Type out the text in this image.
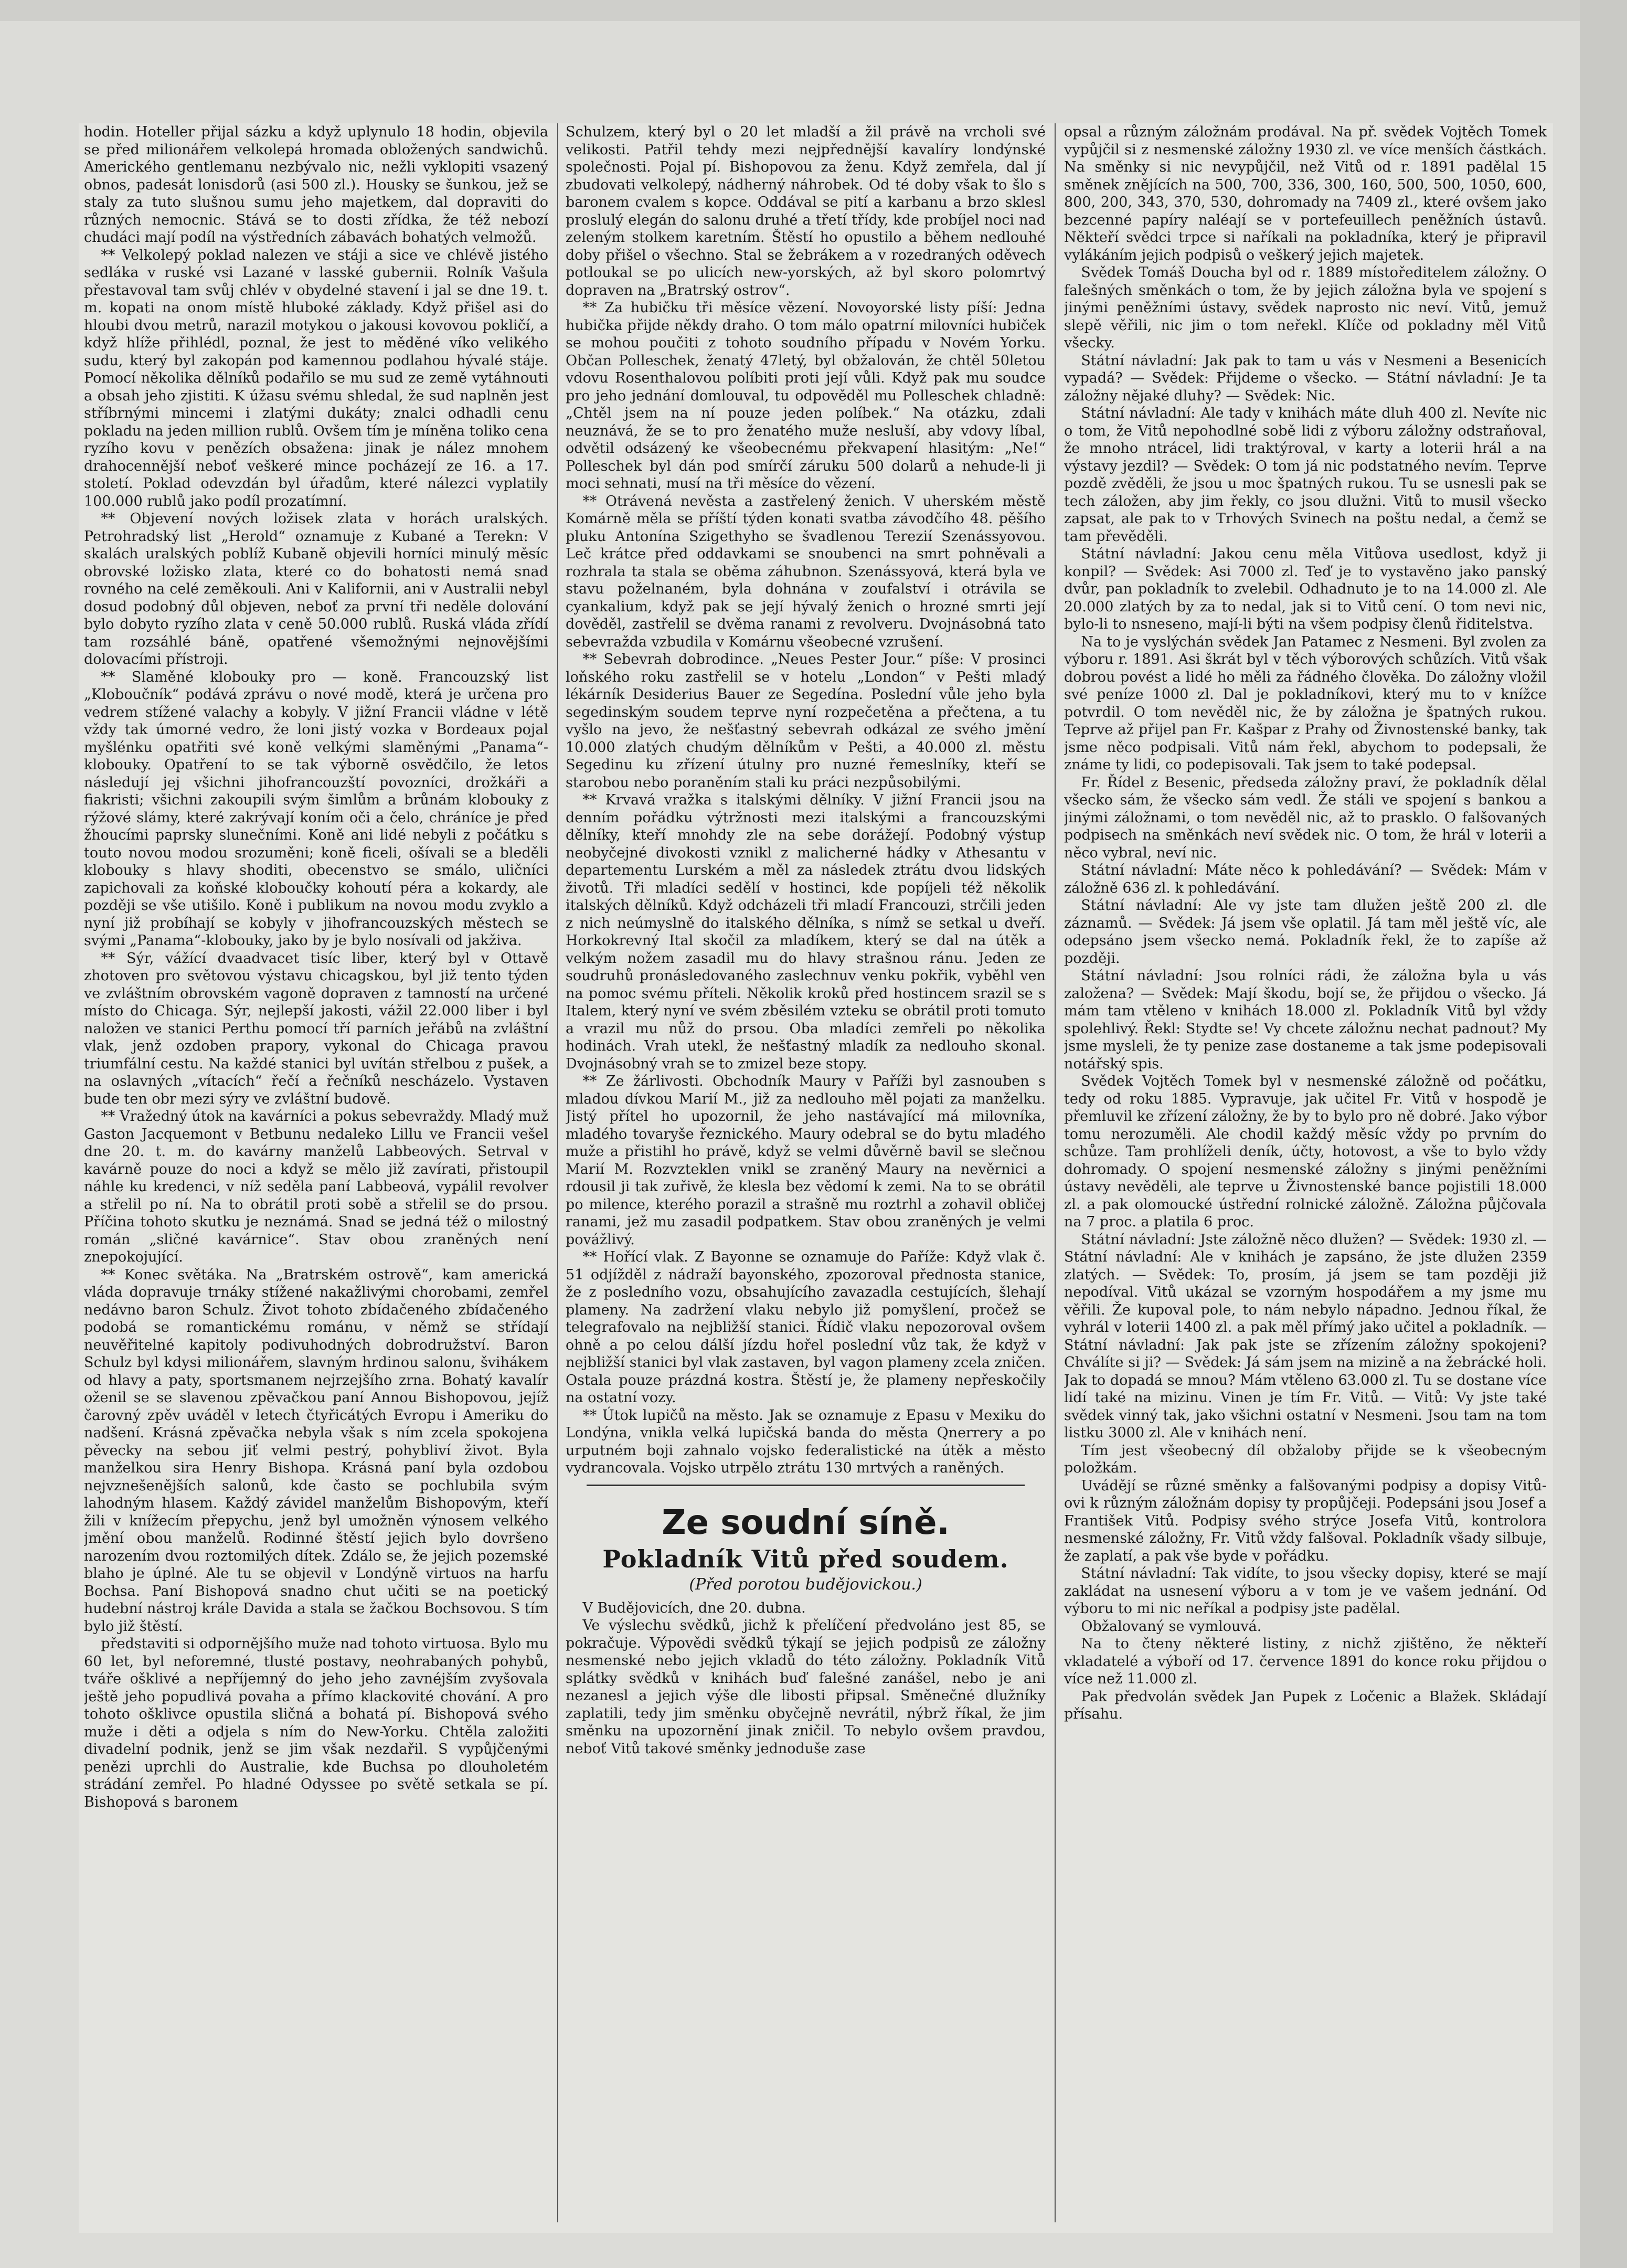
hodin. Hoteller přijal sázku a když uplynulo 18 hodin, objevila se před milionářem velkolepá hromada obložených sandwichů. Amerického gentlemanu nezbývalo nic, nežli vyklopiti vsazený obnos, padesát lonisdorů (asi 500 zl.). Housky se šunkou, jež se staly za tuto slušnou sumu jeho majetkem, dal dopraviti do různých nemocnic. Stává se to dosti zřídka, že též nebozí chudáci mají podíl na výstředních zábavách bohatých velmožů.

** Velkolepý poklad nalezen ve stáji a sice ve chlévě jistého sedláka v ruské vsi Lazané v lasské gubernii. Rolník Vašula přestavoval tam svůj chlév v obydelné stavení i jal se dne 19. t. m. kopati na onom místě hluboké základy. Když přišel asi do hloubi dvou metrů, narazil motykou o jakousi kovovou pokličí, a když hlíže přihlédl, poznal, že jest to měděné víko velikého sudu, který byl zakopán pod kamennou podlahou hývalé stáje. Pomocí několika dělníků podařilo se mu sud ze země vytáhnouti a obsah jeho zjistiti. K úžasu svému shledal, že sud naplněn jest stříbrnými mincemi i zlatými dukáty; znalci odhadli cenu pokladu na jeden million rublů. Ovšem tím je míněna toliko cena ryzího kovu v penězích obsažena: jinak je nález mnohem drahocennější neboť veškeré mince pocházejí ze 16. a 17. století. Poklad odevzdán byl úřadům, které nálezci vyplatily 100.000 rublů jako podíl prozatímní.

** Objevení nových ložisek zlata v horách uralských. Petrohradský list „Herold“ oznamuje z Kubané a Terekn: V skalách uralských poblíž Kubaně objevili horníci minulý měsíc obrovské ložisko zlata, které co do bohatosti nemá snad rovného na celé zeměkouli. Ani v Kalifornii, ani v Australii nebyl dosud podobný důl objeven, neboť za první tři neděle dolování bylo dobyto ryzího zlata v ceně 50.000 rublů. Ruská vláda zřídí tam rozsáhlé báně, opatřené všemožnými nejnovějšími dolovacími přístroji.

** Slaměné klobouky pro — koně. Francouzský list „Kloboučník“ podává zprávu o nové modě, která je určena pro vedrem stížené valachy a kobyly. V jižní Francii vládne v létě vždy tak úmorné vedro, že loni jistý vozka v Bordeaux pojal myšlénku opatřiti své koně velkými slaměnými „Panama“-klobouky. Opatření to se tak výborně osvědčilo, že letos následují jej všichni jihofrancouzští povozníci, drožkáři a fiakristi; všichni zakoupili svým šimlům a brůnám klobouky z rýžové slámy, které zakrývají koním oči a čelo, chráníce je před žhoucími paprsky slunečními. Koně ani lidé nebyli z počátku s touto novou modou srozuměni; koně ficeli, ošívali se a bleděli klobouky s hlavy shoditi, obecenstvo se smálo, uličníci zapichovali za koňské kloboučky kohoutí péra a kokardy, ale později se vše utišilo. Koně i publikum na novou modu zvyklo a nyní již probíhají se kobyly v jihofrancouzských městech se svými „Panama“-klobouky, jako by je bylo nosívali od jakživa.

** Sýr, vážící dvaadvacet tisíc liber, který byl v Ottavě zhotoven pro světovou výstavu chicagskou, byl již tento týden ve zvláštním obrovském vagoně dopraven z tamností na určené místo do Chicaga. Sýr, nejlepší jakosti, vážil 22.000 liber i byl naložen ve stanici Perthu pomocí tří parních jeřábů na zvláštní vlak, jenž ozdoben prapory, vykonal do Chicaga pravou triumfální cestu. Na každé stanici byl uvítán střelbou z pušek, a na oslavných „vítacích“ řečí a řečníků nescházelo. Vystaven bude ten obr mezi sýry ve zvláštní budově.

** Vražedný útok na kavárníci a pokus sebevraždy. Mladý muž Gaston Jacquemont v Betbunu nedaleko Lillu ve Francii vešel dne 20. t. m. do kavárny manželů Labbeových. Setrval v kavárně pouze do noci a když se mělo již zavírati, přistoupil náhle ku kredenci, v níž seděla paní Labbeová, vypálil revolver a střelil po ní. Na to obrátil proti sobě a střelil se do prsou. Příčina tohoto skutku je neznámá. Snad se jedná též o milostný román „sličné kavárnice“. Stav obou zraněných není znepokojující.

** Konec světáka. Na „Bratrském ostrově“, kam americká vláda dopravuje trnáky stížené nakažlivými chorobami, zemřel nedávno baron Schulz. Život tohoto zbídačeného zbídačeného podobá se romantickému románu, v němž se střídají neuvěřitelné kapitoly podivuhodných dobrodružství. Baron Schulz byl kdysi milionářem, slavným hrdinou salonu, švihákem od hlavy a paty, sportsmanem nejrzejšího zrna. Bohatý kavalír oženil se se slavenou zpěvačkou paní Annou Bishopovou, jejíž čarovný zpěv uváděl v letech čtyřicátých Evropu i Ameriku do nadšení. Krásná zpěvačka nebyla však s ním zcela spokojena pěvecky na sebou jiť velmi pestrý, pohybliví život. Byla manželkou sira Henry Bishopa. Krásná paní byla ozdobou nejvznešenějších salonů, kde často se pochlubila svým lahodným hlasem. Každý závidel manželům Bishopovým, kteří žili v knížecím přepychu, jenž byl umožněn výnosem velkého jmění obou manželů. Rodinné štěstí jejich bylo dovršeno narozením dvou roztomilých dítek. Zdálo se, že jejich pozemské blaho je úplné. Ale tu se objevil v Londýně virtuos na harfu Bochsa. Paní Bishopová snadno chut učiti se na poetický hudební nástroj krále Davida a stala se žačkou Bochsovou. S tím bylo již štěstí.

představiti si odpornějšího muže nad tohoto virtuosa. Bylo mu 60 let, byl neforemné, tlusté postavy, neohrabaných pohybů, tváře ošklivé a nepříjemný do jeho jeho zavnéjším zvyšovala ještě jeho popudlivá povaha a přímo klackovité chování. A pro tohoto ošklivce opustila sličná a bohatá pí. Bishopová svého muže i děti a odjela s ním do New-Yorku. Chtěla založiti divadelní podnik, jenž se jim však nezdařil. S vypůjčenými penězi uprchli do Australie, kde Buchsa po dlouholetém strádání zemřel. Po hladné Odyssee po světě setkala se pí. Bishopová s baronem

Schulzem, který byl o 20 let mladší a žil právě na vrcholi své velikosti. Patřil tehdy mezi nejpřednější kavalíry londýnské společnosti. Pojal pí. Bishopovou za ženu. Když zemřela, dal jí zbudovati velkolepý, nádherný náhrobek. Od té doby však to šlo s baronem cvalem s kopce. Oddával se pití a karbanu a brzo sklesl proslulý elegán do salonu druhé a třetí třídy, kde probíjel noci nad zeleným stolkem karetním. Štěstí ho opustilo a během nedlouhé doby přišel o všechno. Stal se žebrákem a v rozedraných oděvech potloukal se po ulicích new-yorských, až byl skoro polomrtvý dopraven na „Bratrský ostrov“.

** Za hubičku tři měsíce vězení. Novoyorské listy píší: Jedna hubička přijde někdy draho. O tom málo opatrní milovníci hubiček se mohou poučiti z tohoto soudního případu v Novém Yorku. Občan Polleschek, ženatý 47letý, byl obžalován, že chtěl 50letou vdovu Rosenthalovou políbiti proti její vůli. Když pak mu soudce pro jeho jednání domlouval, tu odpověděl mu Polleschek chladně: „Chtěl jsem na ní pouze jeden políbek.“ Na otázku, zdali neuznává, že se to pro ženatého muže nesluší, aby vdovy líbal, odvětil odsázený ke všeobecnému překvapení hlasitým: „Ne!“ Polleschek byl dán pod smírčí záruku 500 dolarů a nehude-li ji moci sehnati, musí na tři měsíce do vězení.

** Otrávená nevěsta a zastřelený ženich. V uherském městě Komárně měla se příští týden konati svatba závodčího 48. pěšího pluku Antonína Szigethyho se švadlenou Terezií Szenássyovou. Leč krátce před oddavkami se snoubenci na smrt pohněvali a rozhrala ta stala se oběma záhubnon. Szenássyová, která byla ve stavu poželnaném, byla dohnána v zoufalství i otrávila se cyankalium, když pak se její hývalý ženich o hrozné smrti její dověděl, zastřelil se dvěma ranami z revolveru. Dvojnásobná tato sebevražda vzbudila v Komárnu všeobecné vzrušení.

** Sebevrah dobrodince. „Neues Pester Jour.“ píše: V prosinci loňského roku zastřelil se v hotelu „London“ v Pešti mladý lékárník Desiderius Bauer ze Segedína. Poslední vůle jeho byla segedinským soudem teprve nyní rozpečetěna a přečtena, a tu vyšlo na jevo, že nešťastný sebevrah odkázal ze svého jmění 10.000 zlatých chudým dělníkům v Pešti, a 40.000 zl. městu Segedinu ku zřízení útulny pro nuzné řemeslníky, kteří se starobou nebo poraněním stali ku práci nezpůsobilými.

** Krvavá vražka s italskými dělníky. V jižní Francii jsou na denním pořádku výtržnosti mezi italskými a francouzskými dělníky, kteří mnohdy zle na sebe dorážejí. Podobný výstup neobyčejné divokosti vznikl z malicherné hádky v Athesantu v departementu Lurském a měl za následek ztrátu dvou lidských životů. Tři mladíci sedělí v hostinci, kde popíjeli též několik italských dělníků. Když odcházeli tři mladí Francouzi, strčili jeden z nich neúmyslně do italského dělníka, s nímž se setkal u dveří. Horkokrevný Ital skočil za mladíkem, který se dal na útěk a velkým nožem zasadil mu do hlavy strašnou ránu. Jeden ze soudruhů pronásledovaného zaslechnuv venku pokřik, vyběhl ven na pomoc svému příteli. Několik kroků před hostincem srazil se s Italem, který nyní ve svém zběsilém vzteku se obrátil proti tomuto a vrazil mu nůž do prsou. Oba mladíci zemřeli po několika hodinách. Vrah utekl, že nešťastný mladík za nedlouho skonal. Dvojnásobný vrah se to zmizel beze stopy.

** Ze žárlivosti. Obchodník Maury v Paříži byl zasnouben s mladou dívkou Marií M., již za nedlouho měl pojati za manželku. Jistý přítel ho upozornil, že jeho nastávající má milovníka, mladého tovaryše řeznického. Maury odebral se do bytu mladého muže a přistihl ho právě, když se velmi důvěrně bavil se slečnou Marií M. Rozvzteklen vnikl se zraněný Maury na nevěrnici a rdousil ji tak zuřivě, že klesla bez vědomí k zemi. Na to se obrátil po milence, kterého porazil a strašně mu roztrhl a zohavil obličej ranami, jež mu zasadil podpatkem. Stav obou zraněných je velmi povážlivý.

** Hořící vlak. Z Bayonne se oznamuje do Paříže: Když vlak č. 51 odjížděl z nádraží bayonského, zpozoroval přednosta stanice, že z posledního vozu, obsahujícího zavazadla cestujících, šlehají plameny. Na zadržení vlaku nebylo již pomyšlení, pročež se telegrafovalo na nejbližší stanici. Řídič vlaku nepozoroval ovšem ohně a po celou dálší jízdu hořel poslední vůz tak, že když v nejbližší stanici byl vlak zastaven, byl vagon plameny zcela zničen. Ostala pouze prázdná kostra. Štěstí je, že plameny nepřeskočily na ostatní vozy.

** Útok lupičů na město. Jak se oznamuje z Epasu v Mexiku do Londýna, vnikla velká lupičská banda do města Qnerrery a po urputném boji zahnalo vojsko federalistické na útěk a město vydrancovala. Vojsko utrpělo ztrátu 130 mrtvých a raněných.

Ze soudní síně.
Pokladník Vitů před soudem.
(Před porotou budějovickou.)

V Budějovicích, dne 20. dubna.

Ve výslechu svědků, jichž k přelíčení předvoláno jest 85, se pokračuje. Výpovědi svědků týkají se jejich podpisů ze záložny nesmenské nebo jejich vkladů do této záložny. Pokladník Vitů splátky svědků v knihách buď falešné zanášel, nebo je ani nezanesl a jejich výše dle libosti připsal. Směnečné dlužníky zaplatili, tedy jim směnku obyčejně nevrátil, nýbrž říkal, že jim směnku na upozornění jinak zničil. To nebylo ovšem pravdou, neboť Vitů takové směnky jednoduše zase

opsal a různým záložnám prodával. Na př. svědek Vojtěch Tomek vypůjčil si z nesmenské záložny 1930 zl. ve více menších částkách. Na směnky si nic nevypůjčil, než Vitů od r. 1891 padělal 15 směnek znějících na 500, 700, 336, 300, 160, 500, 500, 1050, 600, 800, 200, 343, 370, 530, dohromady na 7409 zl., které ovšem jako bezcenné papíry naléají se v portefeuillech peněžních ústavů. Někteří svědci trpce si naříkali na pokladníka, který je připravil vylákáním jejich podpisů o veškerý jejich majetek.

Svědek Tomáš Doucha byl od r. 1889 místoředitelem záložny. O falešných směnkách o tom, že by jejich záložna byla ve spojení s jinými peněžními ústavy, svědek naprosto nic neví. Vitů, jemuž slepě věřili, nic jim o tom neřekl. Klíče od pokladny měl Vitů všecky.

Státní návladní: Jak pak to tam u vás v Nesmeni a Besenicích vypadá? — Svědek: Přijdeme o všecko. — Státní návladní: Je ta záložny nějaké dluhy? — Svědek: Nic.

Státní návladní: Ale tady v knihách máte dluh 400 zl. Nevíte nic o tom, že Vitů nepohodlné sobě lidi z výboru záložny odstraňoval, že mnoho ntrácel, lidi traktýroval, v karty a loterii hrál a na výstavy jezdil? — Svědek: O tom já nic podstatného nevím. Teprve pozdě zvěděli, že jsou u moc špatných rukou. Tu se usnesli pak se tech záložen, aby jim řekly, co jsou dlužni. Vitů to musil všecko zapsat, ale pak to v Trhových Svinech na poštu nedal, a čemž se tam převěděli.

Státní návladní: Jakou cenu měla Vitůova usedlost, když ji konpil? — Svědek: Asi 7000 zl. Teď je to vystavěno jako panský dvůr, pan pokladník to zvelebil. Odhadnuto je to na 14.000 zl. Ale 20.000 zlatých by za to nedal, jak si to Vitů cení. O tom nevi nic, bylo-li to nsneseno, mají-li býti na všem podpisy členů řiditelstva.

Na to je vyslýchán svědek Jan Patamec z Nesmeni. Byl zvolen za výboru r. 1891. Asi škrát byl v těch výborových schůzích. Vitů však dobrou povést a lidé ho měli za řádného člověka. Do záložny vložil své peníze 1000 zl. Dal je pokladníkovi, který mu to v knížce potvrdil. O tom nevěděl nic, že by záložna je špatných rukou. Teprve až přijel pan Fr. Kašpar z Prahy od Živnostenské banky, tak jsme něco podpisali. Vitů nám řekl, abychom to podepsali, že známe ty lidi, co podepisovali. Tak jsem to také podepsal.

Fr. Řídel z Besenic, předseda záložny praví, že pokladník dělal všecko sám, že všecko sám vedl. Že stáli ve spojení s bankou a jinými záložnami, o tom nevěděl nic, až to prasklo. O falšovaných podpisech na směnkách neví svědek nic. O tom, že hrál v loterii a něco vybral, neví nic.

Státní návladní: Máte něco k pohledávání? — Svědek: Mám v záložně 636 zl. k pohledávání.

Státní návladní: Ale vy jste tam dlužen ještě 200 zl. dle záznamů. — Svědek: Já jsem vše oplatil. Já tam měl ještě víc, ale odepsáno jsem všecko nemá. Pokladník řekl, že to zapíše až později.

Státní návladní: Jsou rolníci rádi, že záložna byla u vás založena? — Svědek: Mají škodu, bojí se, že přijdou o všecko. Já mám tam vtěleno v knihách 18.000 zl. Pokladník Vitů byl vždy spolehlivý. Řekl: Stydte se! Vy chcete záložnu nechat padnout? My jsme mysleli, že ty penize zase dostaneme a tak jsme podepisovali notářský spis.

Svědek Vojtěch Tomek byl v nesmenské záložně od počátku, tedy od roku 1885. Vypravuje, jak učitel Fr. Vitů v hospodě je přemluvil ke zřízení záložny, že by to bylo pro ně dobré. Jako výbor tomu nerozuměli. Ale chodil každý měsíc vždy po prvním do schůze. Tam prohlíželi deník, účty, hotovost, a vše to bylo vždy dohromady. O spojení nesmenské záložny s jinými peněžními ústavy nevěděli, ale teprve u Živnostenské bance pojistili 18.000 zl. a pak olomoucké ústřední rolnické záložně. Záložna půjčovala na 7 proc. a platila 6 proc.

Státní návladní: Jste záložně něco dlužen? — Svědek: 1930 zl. — Státní návladní: Ale v knihách je zapsáno, že jste dlužen 2359 zlatých. — Svědek: To, prosím, já jsem se tam později již nepodíval. Vitů ukázal se vzorným hospodářem a my jsme mu věřili. Že kupoval pole, to nám nebylo nápadno. Jednou říkal, že vyhrál v loterii 1400 zl. a pak měl přímý jako učitel a pokladník. — Státní návladní: Jak pak jste se zřízením záložny spokojeni? Chválíte si ji? — Svědek: Já sám jsem na mizině a na žebrácké holi. Jak to dopadá se mnou? Mám vtěleno 63.000 zl. Tu se dostane více lidí také na mizinu. Vinen je tím Fr. Vitů. — Vitů: Vy jste také svědek vinný tak, jako všichni ostatní v Nesmeni. Jsou tam na tom listku 3000 zl. Ale v knihách není.

Tím jest všeobecný díl obžaloby přijde se k všeobecným položkám.

Uvádějí se různé směnky a falšovanými podpisy a dopisy Vitů-ovi k různým záložnám dopisy ty propůjčeji. Podepsáni jsou Josef a František Vitů. Podpisy svého strýce Josefa Vitů, kontrolora nesmenské záložny, Fr. Vitů vždy falšoval. Pokladník všady silbuje, že zaplatí, a pak vše byde v pořádku.

Státní návladní: Tak vidíte, to jsou všecky dopisy, které se mají zakládat na usnesení výboru a v tom je ve vašem jednání. Od výboru to mi nic neříkal a podpisy jste padělal.

Obžalovaný se vymlouvá.

Na to čteny některé listiny, z nichž zjištěno, že někteří vkladatelé a výboří od 17. července 1891 do konce roku přijdou o více než 11.000 zl.

Pak předvolán svědek Jan Pupek z Ločenic a Blažek. Skládají přísahu.
